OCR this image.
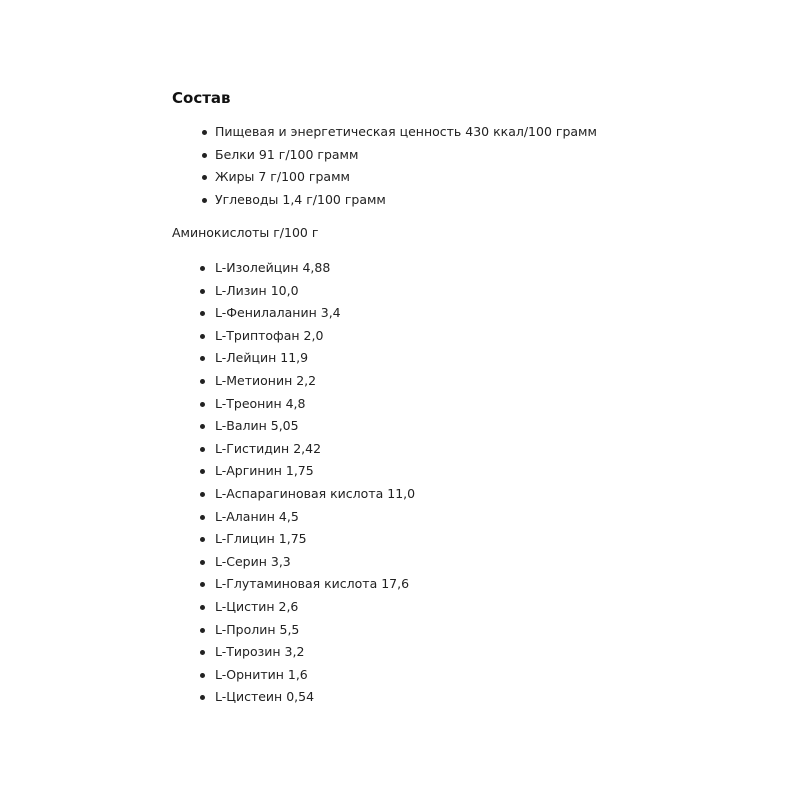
Состав
Пищевая и энергетическая ценность 430 ккал/100 грамм
Белки 91 г/100 грамм
Жиры 7 г/100 грамм
Углеводы 1,4 г/100 грамм
Аминокислоты г/100 г
L-Изолейцин 4,88
L-Лизин 10,0
L-Фенилаланин 3,4
L-Триптофан 2,0
L-Лейцин 11,9
L-Метионин 2,2
L-Треонин 4,8
L-Валин 5,05
L-Гистидин 2,42
L-Аргинин 1,75
L-Аспарагиновая кислота 11,0
L-Аланин 4,5
L-Глицин 1,75
L-Серин 3,3
L-Глутаминовая кислота 17,6
L-Цистин 2,6
L-Пролин 5,5
L-Тирозин 3,2
L-Орнитин 1,6
L-Цистеин 0,54
